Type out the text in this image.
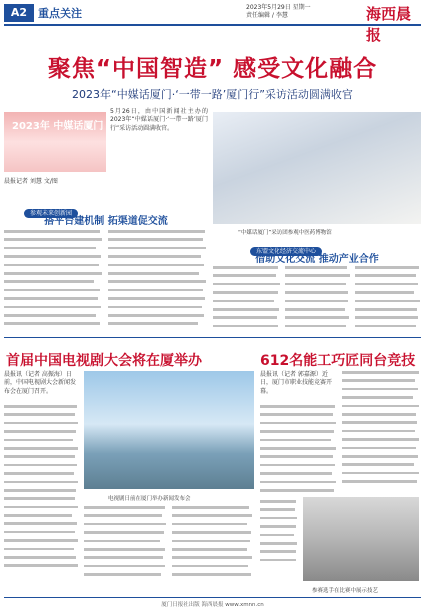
A2 重点关注	2023年5月29日 星期一
责任编辑 / 李慧	海西晨报
聚焦“中国智造” 感受文化融合
2023年“中媒话厦门·‘一带一路’厦门行”采访活动圆满收官
2023年 中媒话厦门
5月26日，由中国新闻社主办的2023年“中媒话厦门·‘一带一路’厦门行”采访活动圆满收官。
“中媒话厦门”采访团参观中医药博物馆
晨报记者 刘慧 文/图
参观未来创新园
搭平台建机制 拓渠道促交流
东盟文化经济交流中心
借助文化交流 推动产业合作
首届中国电视剧大会将在厦举办
晨报讯（记者 高振海）日前，中国电视剧大会新闻发布会在厦门召开。
电视剧日前在厦门举办新闻发布会
612名能工巧匠同台竞技
晨报讯（记者 郭嘉源）近日，厦门市职业技能竞赛开幕。
参赛选手在比赛中展示技艺
厦门日报社出版 海西晨报 www.xmnn.cn
